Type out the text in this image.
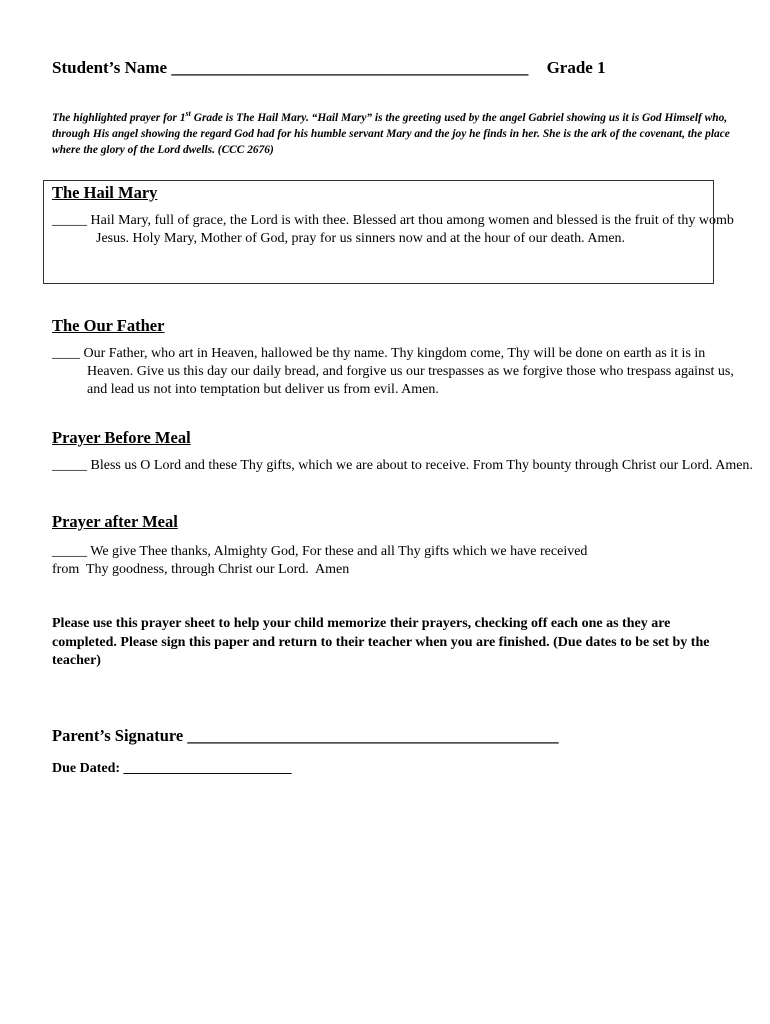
Student’s Name __________________________________________ Grade 1
The highlighted prayer for 1st Grade is The Hail Mary. “Hail Mary” is the greeting used by the angel Gabriel showing us it is God Himself who, through His angel showing the regard God had for his humble servant Mary and the joy he finds in her. She is the ark of the covenant, the place where the glory of the Lord dwells. (CCC 2676)
The Hail Mary
_____ Hail Mary, full of grace, the Lord is with thee. Blessed art thou among women and blessed is the fruit of thy womb Jesus. Holy Mary, Mother of God, pray for us sinners now and at the hour of our death. Amen.
The Our Father
____ Our Father, who art in Heaven, hallowed be thy name. Thy kingdom come, Thy will be done on earth as it is in Heaven. Give us this day our daily bread, and forgive us our trespasses as we forgive those who trespass against us, and lead us not into temptation but deliver us from evil. Amen.
Prayer Before Meal
_____ Bless us O Lord and these Thy gifts, which we are about to receive. From Thy bounty through Christ our Lord. Amen.
Prayer after Meal
_____ We give Thee thanks, Almighty God, For these and all Thy gifts which we have received
from  Thy goodness, through Christ our Lord.  Amen
Please use this prayer sheet to help your child memorize their prayers, checking off each one as they are completed. Please sign this paper and return to their teacher when you are finished. (Due dates to be set by the teacher)
Parent’s Signature _____________________________________________
Due Dated: ________________________
